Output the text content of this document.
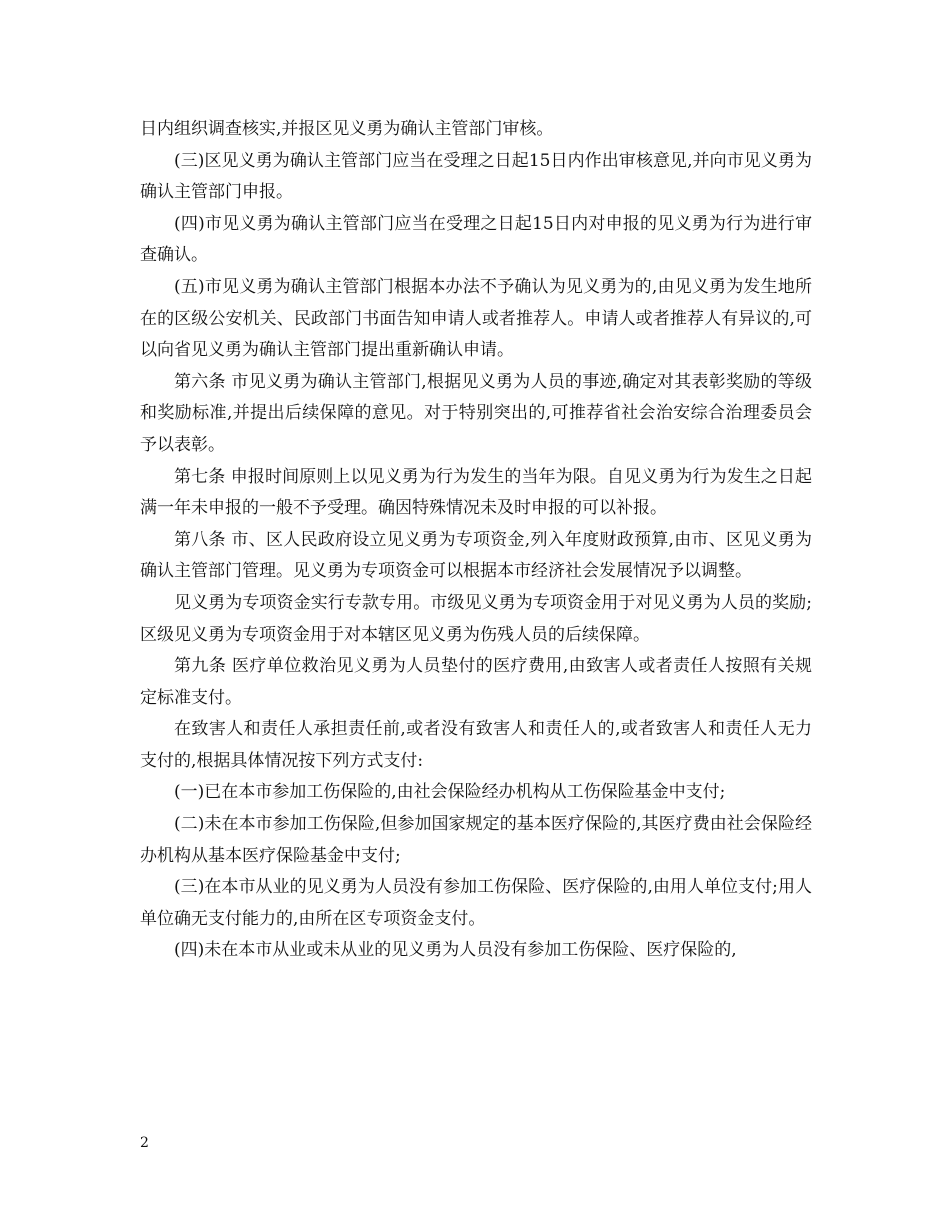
日内组织调查核实,并报区见义勇为确认主管部门审核。

(三)区见义勇为确认主管部门应当在受理之日起15日内作出审核意见,并向市见义勇为确认主管部门申报。

(四)市见义勇为确认主管部门应当在受理之日起15日内对申报的见义勇为行为进行审查确认。

(五)市见义勇为确认主管部门根据本办法不予确认为见义勇为的,由见义勇为发生地所在的区级公安机关、民政部门书面告知申请人或者推荐人。申请人或者推荐人有异议的,可以向省见义勇为确认主管部门提出重新确认申请。

第六条 市见义勇为确认主管部门,根据见义勇为人员的事迹,确定对其表彰奖励的等级和奖励标准,并提出后续保障的意见。对于特别突出的,可推荐省社会治安综合治理委员会予以表彰。

第七条 申报时间原则上以见义勇为行为发生的当年为限。自见义勇为行为发生之日起满一年未申报的一般不予受理。确因特殊情况未及时申报的可以补报。

第八条 市、区人民政府设立见义勇为专项资金,列入年度财政预算,由市、区见义勇为确认主管部门管理。见义勇为专项资金可以根据本市经济社会发展情况予以调整。

见义勇为专项资金实行专款专用。市级见义勇为专项资金用于对见义勇为人员的奖励;区级见义勇为专项资金用于对本辖区见义勇为伤残人员的后续保障。

第九条 医疗单位救治见义勇为人员垫付的医疗费用,由致害人或者责任人按照有关规定标准支付。

在致害人和责任人承担责任前,或者没有致害人和责任人的,或者致害人和责任人无力支付的,根据具体情况按下列方式支付:

(一)已在本市参加工伤保险的,由社会保险经办机构从工伤保险基金中支付;

(二)未在本市参加工伤保险,但参加国家规定的基本医疗保险的,其医疗费由社会保险经办机构从基本医疗保险基金中支付;

(三)在本市从业的见义勇为人员没有参加工伤保险、医疗保险的,由用人单位支付;用人单位确无支付能力的,由所在区专项资金支付。

(四)未在本市从业或未从业的见义勇为人员没有参加工伤保险、医疗保险的,

2
